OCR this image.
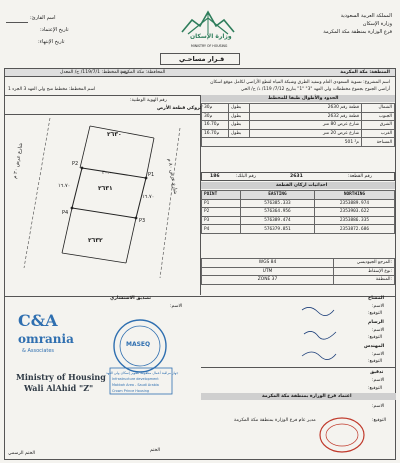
المملكة العربية السعودية
وزارة الإسكان
فرع الوزارة بمنطقة مكة المكرمة
وزارة الإسكان
MINISTRY OF HOUSING
اسم القارئ:
تاريخ الإعتماد:
تاريخ الإنتهاء:
قـرار مساحـي
المنطقة: مكة المكرمة
المحافظة: مكة المكرمة
رقم المخطط: 119/7/1/ ح/ المعدل
اسم المشروع: تسوية السعودي العام وتنفيذ الطرق وشبكة المياه لقطع الأراضي لكامل موقع اسكان
أراضي الجنوح بجموع مخططات ولي العهد "3" "1" بتاريخ 7/12/ 119/ ذ/ ح/ الحي
اسم المخطط: مخطط منح ولي العهد 3 الجزء 1
رقم الهوية الوطنية:
كروكي قطعة الأرض
٢٦٣٠
٢٦٣١
٢٦٣٢
٣٠.٠٠
١٦.٧٠
١٦.٧٠
P2
P1
P3
P4
شارع عرض ٢٠ م	شارع عرض ٨٠ م
الحدود والأطوال طبقا للمخطط
30م	بطول	قطعة رقم 2630	الشمال
30م	بطول	قطعة رقم 2632	الجنوب
16.70م	بطول	شارع عرض 80 متر	الشرق
16.70م	بطول	شارع عرض 20 متر	الغرب
501 م²			المساحة
2631	رقم القطعة:
186	رقم البلك:
احداثيات اركان القطعة
POINT	EASTING	NORTHING
P1	576385.333	2353889.974
P2	576364.956	2353903.622
P3	576389.474	2353886.335
P4	576379.851	2353872.686
WGS 84	المرجع الجيوديسي:
UTM	نوع الإسقاط:
ZONE 37	المنطقة:
المساح
الاسم:
التوقيع:
الرسام
الاسم:
التوقيع:
المهندس
الاسم:
التوقيع:
تدقيق
الاسم:
التوقيع:
اعتماد فرع الوزارة بمنطقة مكة المكرمة
الاسم:
التوقيع:
مدير عام فرع الوزارة بمنطقة مكة المكرمة
الختم الرسمي
تصديق الاستشاري
الاسم:
C&A
omrania
& Associates
Ministry of Housing
Wali AlAhid "Z"
MASEQ
جهاز مراقبة أعمال منظومة تطوير إسكان ولي العهد
Infrastructure development
Makkah Area - Saudi Arabia
Crown Prince Housing
الختم
